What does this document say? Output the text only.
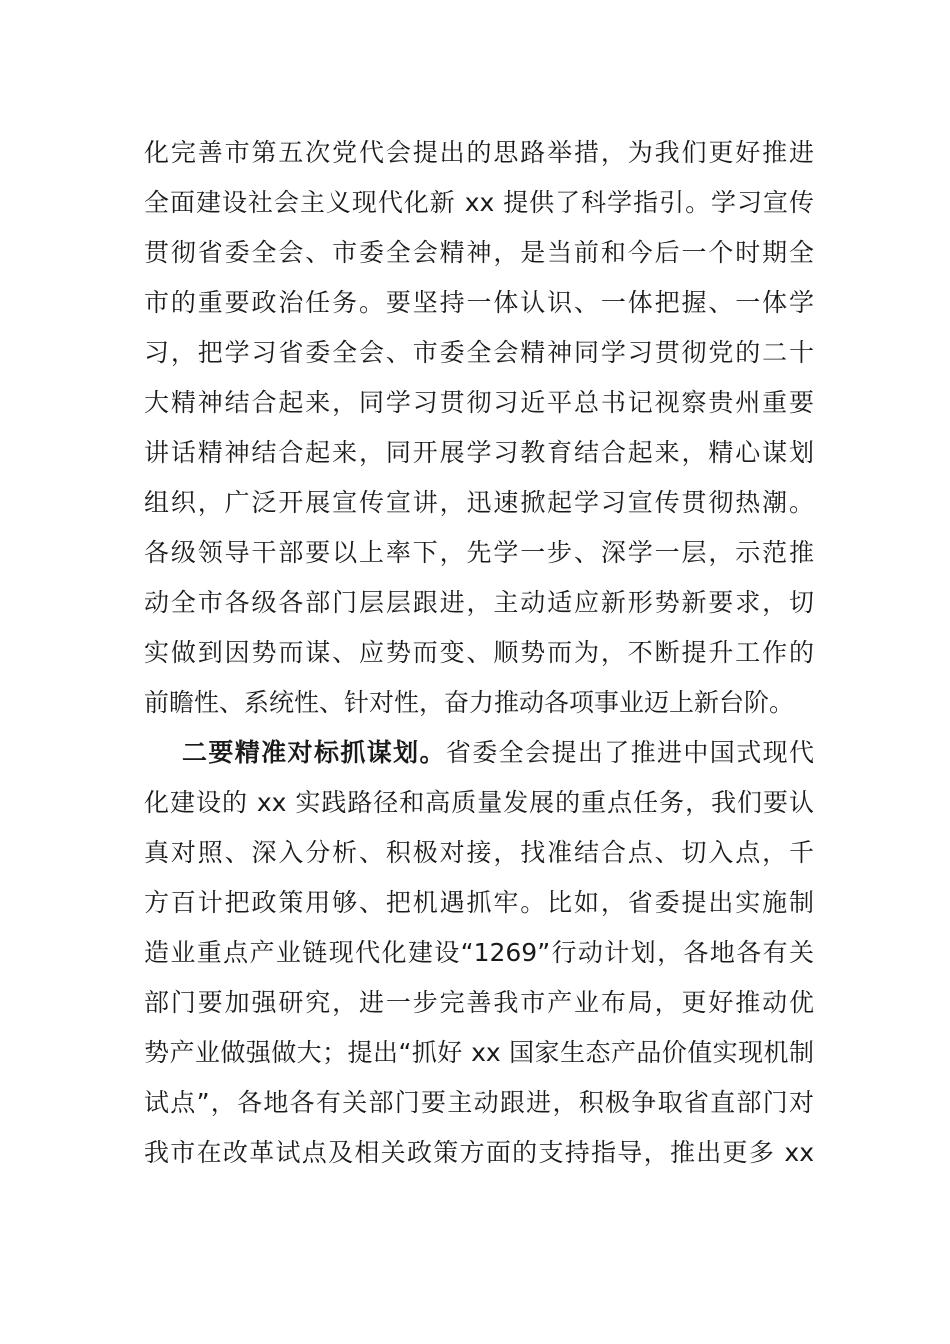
化完善市第五次党代会提出的思路举措，为我们更好推进
全面建设社会主义现代化新 xx 提供了科学指引。学习宣传
贯彻省委全会、市委全会精神，是当前和今后一个时期全
市的重要政治任务。要坚持一体认识、一体把握、一体学
习，把学习省委全会、市委全会精神同学习贯彻党的二十
大精神结合起来，同学习贯彻习近平总书记视察贵州重要
讲话精神结合起来，同开展学习教育结合起来，精心谋划
组织，广泛开展宣传宣讲，迅速掀起学习宣传贯彻热潮。
各级领导干部要以上率下，先学一步、深学一层，示范推
动全市各级各部门层层跟进，主动适应新形势新要求，切
实做到因势而谋、应势而变、顺势而为，不断提升工作的
前瞻性、系统性、针对性，奋力推动各项事业迈上新台阶。
二要精准对标抓谋划。省委全会提出了推进中国式现代
化建设的 xx 实践路径和高质量发展的重点任务，我们要认
真对照、深入分析、积极对接，找准结合点、切入点，千
方百计把政策用够、把机遇抓牢。比如，省委提出实施制
造业重点产业链现代化建设“1269”行动计划，各地各有关
部门要加强研究，进一步完善我市产业布局，更好推动优
势产业做强做大；提出“抓好 xx 国家生态产品价值实现机制
试点”，各地各有关部门要主动跟进，积极争取省直部门对
我市在改革试点及相关政策方面的支持指导，推出更多 xx
